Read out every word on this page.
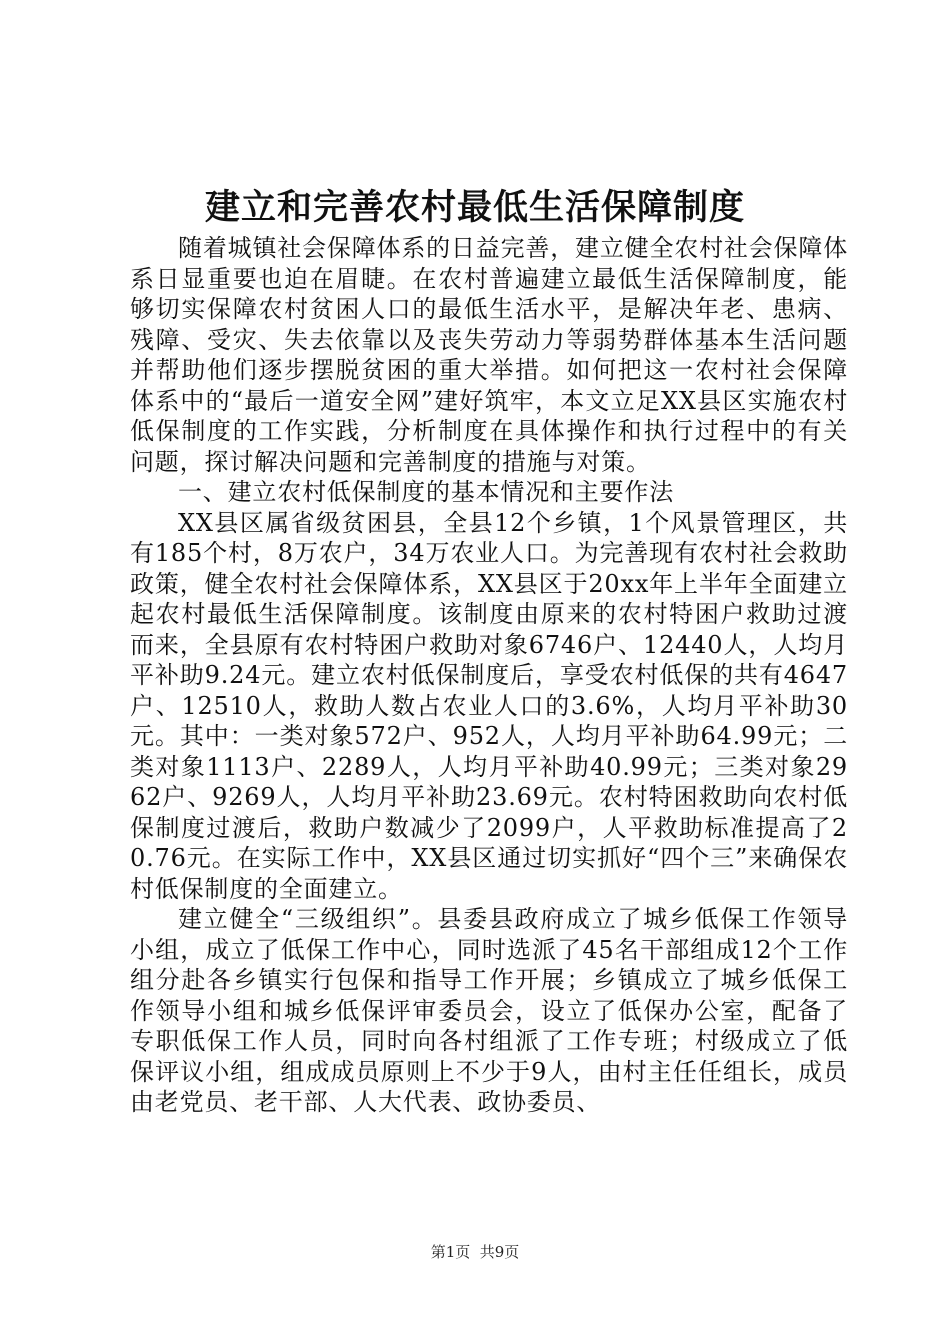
建立和完善农村最低生活保障制度

随着城镇社会保障体系的日益完善，建立健全农村社会保障体系日显重要也迫在眉睫。在农村普遍建立最低生活保障制度，能够切实保障农村贫困人口的最低生活水平，是解决年老、患病、残障、受灾、失去依靠以及丧失劳动力等弱势群体基本生活问题并帮助他们逐步摆脱贫困的重大举措。如何把这一农村社会保障体系中的“最后一道安全网”建好筑牢，本文立足XX县区实施农村低保制度的工作实践，分析制度在具体操作和执行过程中的有关问题，探讨解决问题和完善制度的措施与对策。

一、建立农村低保制度的基本情况和主要作法

XX县区属省级贫困县，全县12个乡镇，1个风景管理区，共有185个村，8万农户，34万农业人口。为完善现有农村社会救助政策，健全农村社会保障体系，XX县区于20xx年上半年全面建立起农村最低生活保障制度。该制度由原来的农村特困户救助过渡而来，全县原有农村特困户救助对象6746户、12440人，人均月平补助9.24元。建立农村低保制度后，享受农村低保的共有4647户、12510人，救助人数占农业人口的3.6%，人均月平补助30元。其中：一类对象572户、952人，人均月平补助64.99元；二类对象1113户、2289人，人均月平补助40.99元；三类对象2962户、9269人，人均月平补助23.69元。农村特困救助向农村低保制度过渡后，救助户数减少了2099户，人平救助标准提高了20.76元。在实际工作中，XX县区通过切实抓好“四个三”来确保农村低保制度的全面建立。

建立健全“三级组织”。县委县政府成立了城乡低保工作领导小组，成立了低保工作中心，同时选派了45名干部组成12个工作组分赴各乡镇实行包保和指导工作开展；乡镇成立了城乡低保工作领导小组和城乡低保评审委员会，设立了低保办公室，配备了专职低保工作人员，同时向各村组派了工作专班；村级成立了低保评议小组，组成成员原则上不少于9人，由村主任任组长，成员由老党员、老干部、人大代表、政协委员、

第1页  共9页
